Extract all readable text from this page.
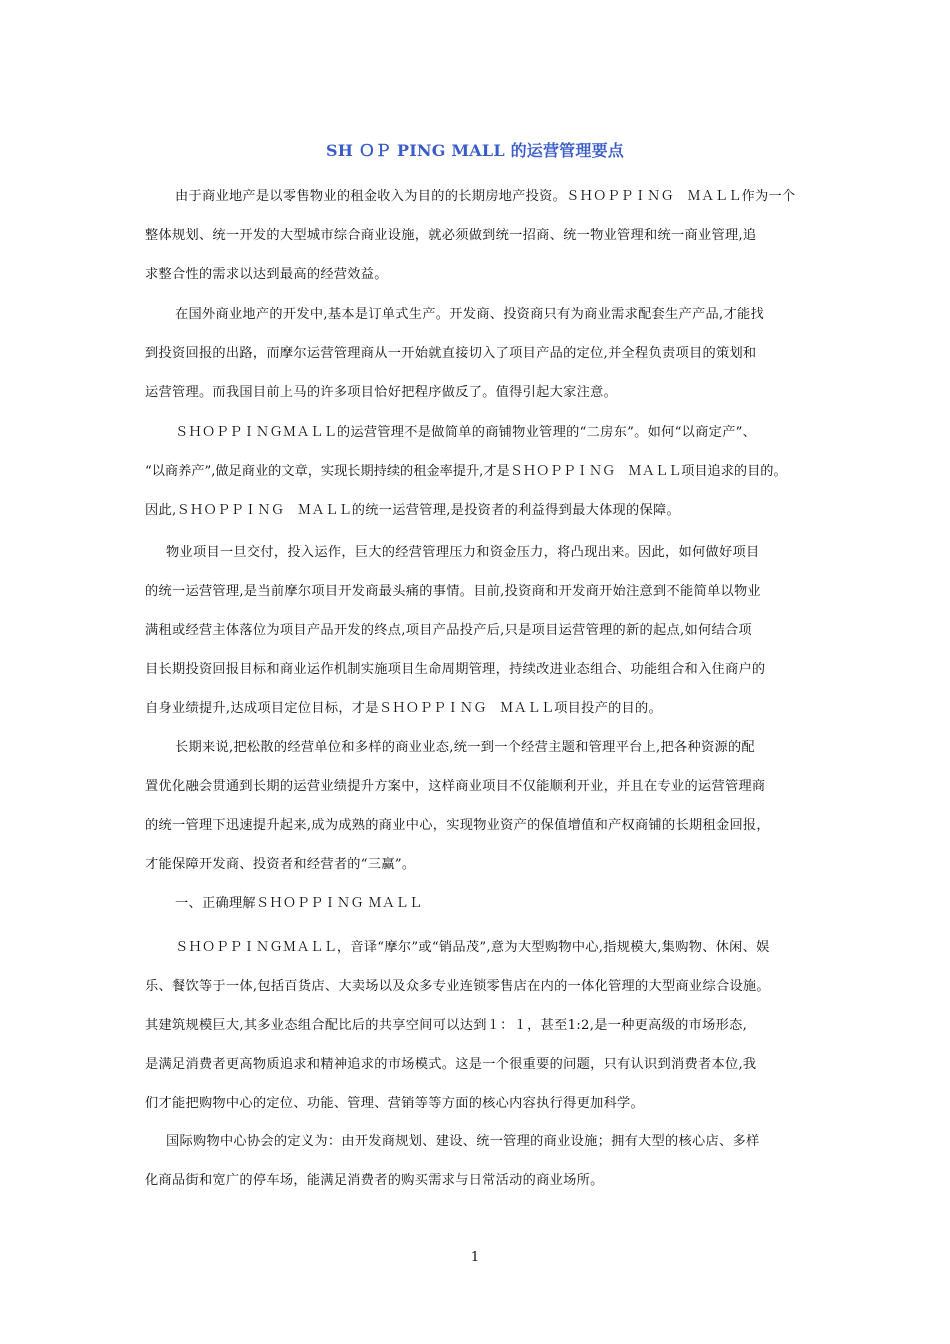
SH ＯＰ PING MALL 的运营管理要点
由于商业地产是以零售物业的租金收入为目的的长期房地产投资。ＳＨＯＰＰＩＮＧ　ＭＡＬＬ作为一个
整体规划、统一开发的大型城市综合商业设施，就必须做到统一招商、统一物业管理和统一商业管理,追
求整合性的需求以达到最高的经营效益。
在国外商业地产的开发中,基本是订单式生产。开发商、投资商只有为商业需求配套生产产品,才能找
到投资回报的出路，而摩尔运营管理商从一开始就直接切入了项目产品的定位,并全程负责项目的策划和
运营管理。而我国目前上马的许多项目恰好把程序做反了。值得引起大家注意。
ＳＨＯＰＰＩＮＧＭＡＬＬ的运营管理不是做简单的商铺物业管理的“二房东”。如何“以商定产”、
“以商养产”,做足商业的文章，实现长期持续的租金率提升,才是ＳＨＯＰＰＩＮＧ　ＭＡＬＬ项目追求的目的。
因此,ＳＨＯＰＰＩＮＧ　ＭＡＬＬ的统一运营管理,是投资者的利益得到最大体现的保障。
物业项目一旦交付，投入运作，巨大的经营管理压力和资金压力，将凸现出来。因此，如何做好项目
的统一运营管理,是当前摩尔项目开发商最头痛的事情。目前,投资商和开发商开始注意到不能简单以物业
满租或经营主体落位为项目产品开发的终点,项目产品投产后,只是项目运营管理的新的起点,如何结合项
目长期投资回报目标和商业运作机制实施项目生命周期管理，持续改进业态组合、功能组合和入住商户的
自身业绩提升,达成项目定位目标，才是ＳＨＯＰＰＩＮＧ　ＭＡＬＬ项目投产的目的。
长期来说,把松散的经营单位和多样的商业业态,统一到一个经营主题和管理平台上,把各种资源的配
置优化融会贯通到长期的运营业绩提升方案中，这样商业项目不仅能顺利开业，并且在专业的运营管理商
的统一管理下迅速提升起来,成为成熟的商业中心，实现物业资产的保值增值和产权商铺的长期租金回报，
才能保障开发商、投资者和经营者的“三赢”。
一、正确理解ＳＨＯＰＰＩＮＧ ＭＡＬＬ
ＳＨＯＰＰＩＮＧＭＡＬＬ，音译“摩尔”或“销品茂”,意为大型购物中心,指规模大,集购物、休闲、娱
乐、餐饮等于一体,包括百货店、大卖场以及众多专业连锁零售店在内的一体化管理的大型商业综合设施。
其建筑规模巨大,其多业态组合配比后的共享空间可以达到１：１，甚至1:2,是一种更高级的市场形态,
是满足消费者更高物质追求和精神追求的市场模式。这是一个很重要的问题，只有认识到消费者本位,我
们才能把购物中心的定位、功能、管理、营销等等方面的核心内容执行得更加科学。
国际购物中心协会的定义为：由开发商规划、建设、统一管理的商业设施；拥有大型的核心店、多样
化商品街和宽广的停车场，能满足消费者的购买需求与日常活动的商业场所。
1
